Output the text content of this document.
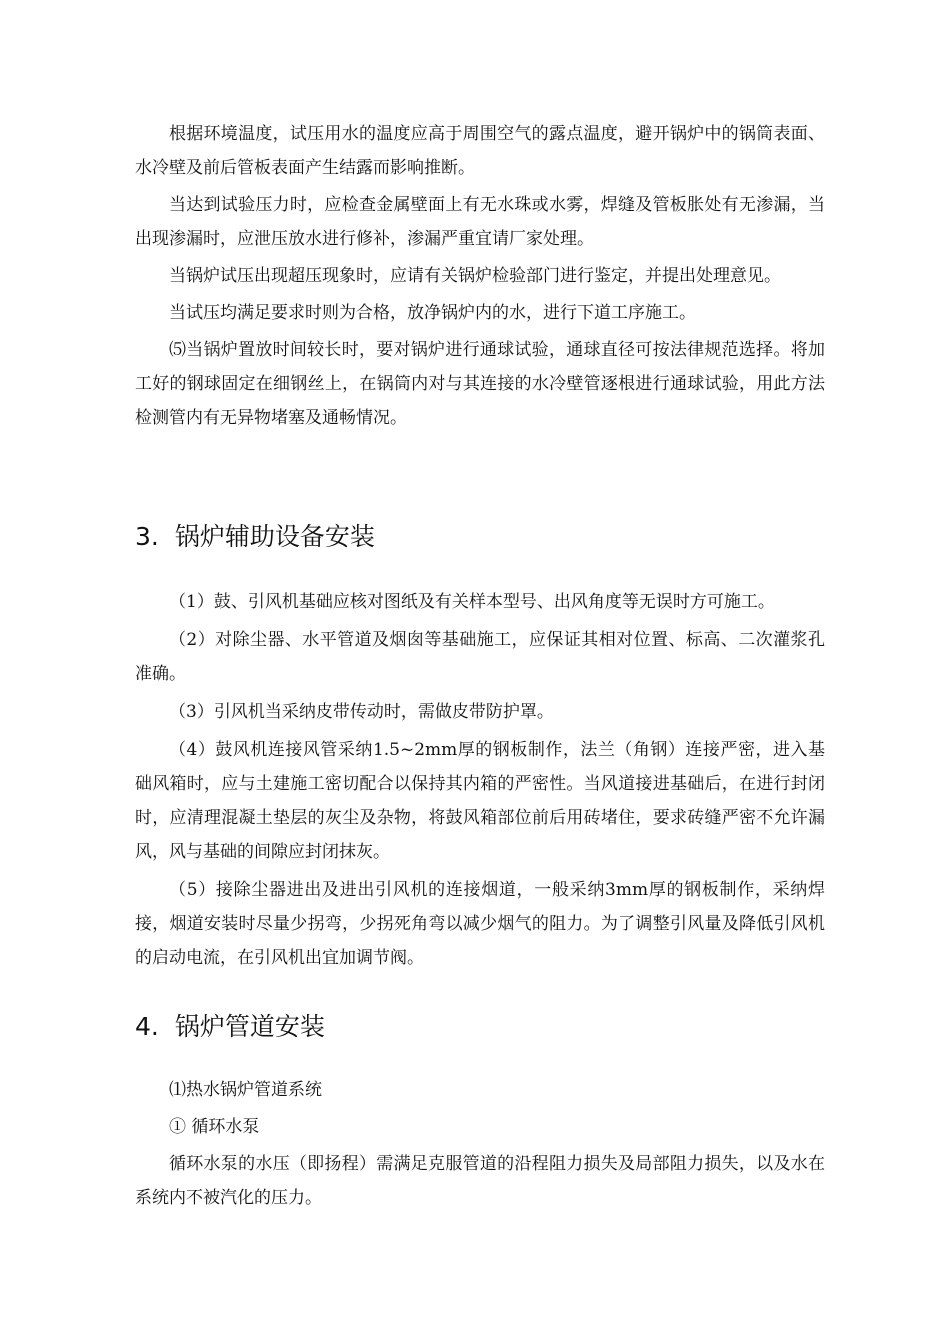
根据环境温度，试压用水的温度应高于周围空气的露点温度，避开锅炉中的锅筒表面、水冷壁及前后管板表面产生结露而影响推断。

当达到试验压力时，应检查金属壁面上有无水珠或水雾，焊缝及管板胀处有无渗漏，当出现渗漏时，应泄压放水进行修补，渗漏严重宜请厂家处理。

当锅炉试压出现超压现象时，应请有关锅炉检验部门进行鉴定，并提出处理意见。

当试压均满足要求时则为合格，放净锅炉内的水，进行下道工序施工。

⑸当锅炉置放时间较长时，要对锅炉进行通球试验，通球直径可按法律规范选择。将加工好的钢球固定在细钢丝上，在锅筒内对与其连接的水冷壁管逐根进行通球试验，用此方法检测管内有无异物堵塞及通畅情况。

3. 锅炉辅助设备安装

（1）鼓、引风机基础应核对图纸及有关样本型号、出风角度等无误时方可施工。

（2）对除尘器、水平管道及烟囱等基础施工，应保证其相对位置、标高、二次灌浆孔准确。

（3）引风机当采纳皮带传动时，需做皮带防护罩。

（4）鼓风机连接风管采纳1.5~2mm厚的钢板制作，法兰（角钢）连接严密，进入基础风箱时，应与土建施工密切配合以保持其内箱的严密性。当风道接进基础后，在进行封闭时，应清理混凝土垫层的灰尘及杂物，将鼓风箱部位前后用砖堵住，要求砖缝严密不允许漏风，风与基础的间隙应封闭抹灰。

（5）接除尘器进出及进出引风机的连接烟道，一般采纳3mm厚的钢板制作，采纳焊接，烟道安装时尽量少拐弯，少拐死角弯以减少烟气的阻力。为了调整引风量及降低引风机的启动电流，在引风机出宜加调节阀。

4. 锅炉管道安装

⑴热水锅炉管道系统

① 循环水泵

循环水泵的水压（即扬程）需满足克服管道的沿程阻力损失及局部阻力损失，以及水在系统内不被汽化的压力。
